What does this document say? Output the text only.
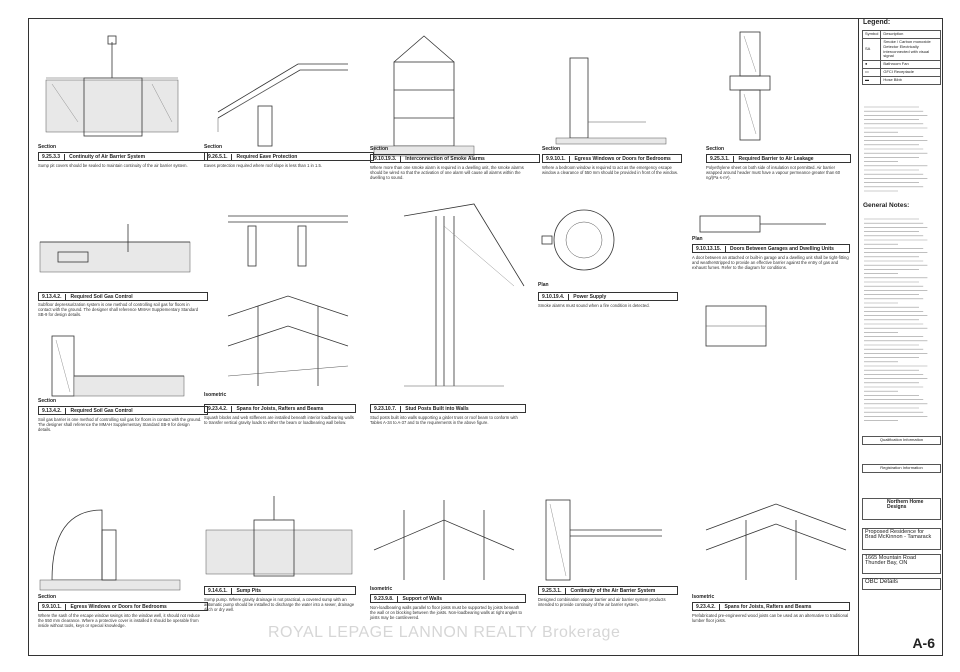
Section
9.25.3.3	Continuity of Air Barrier System
Sump pit covers should be sealed to maintain continuity of the air barrier system.
Section
9.26.5.1.	Required Eave Protection
Eaves protection required where roof slope is less than 1 in 1.5.
Section
9.10.19.3.	Interconnection of Smoke Alarms
Where more than one smoke alarm is required in a dwelling unit, the smoke alarms should be wired so that the activation of one alarm will cause all alarms within the dwelling to sound.
Section
9.9.10.1.	Egress Windows or Doors for Bedrooms
Where a bedroom window is required to act as the emergency escape window a clearance of 550 mm should be provided in front of the window.
Section
9.25.3.1.	Required Barrier to Air Leakage
Polyethylene sheet on both side of insulation not permitted. Air barrier wrapped around header must have a vapour permeance greater than 60 ng/(Pa·s·m²).
9.13.4.2.	Required Soil Gas Control
Subfloor depressurization system is one method of controlling soil gas for floors in contact with the ground. The designer shall reference MMAH Supplementary Standard SB-9 for design details.
Section
9.13.4.2.	Required Soil Gas Control
Soil gas barrier is one method of controlling soil gas for floors in contact with the ground. The designer shall reference the MMAH Supplementary Standard SB-9 for design details.
Isometric
9.23.4.2.	Spans for Joists, Rafters and Beams
Squash blocks and web stiffeners are installed beneath interior loadbearing walls to transfer vertical gravity loads to either the beam or loadbearing wall below.
9.23.10.7.	Stud Posts Built into Walls
Stud posts built into walls supporting a girder truss or roof beam to conform with Tables A-34 to A-37 and to the requirements in the above figure.
Plan
9.10.19.4.	Power Supply
Smoke alarms must sound when a fire condition is detected.
Plan
9.10.13.15.	Doors Between Garages and Dwelling Units
A door between an attached or built-in garage and a dwelling unit shall be tight-fitting and weatherstripped to provide an effective barrier against the entry of gas and exhaust fumes. Refer to the diagram for conditions.
Section
9.9.10.1.	Egress Windows or Doors for Bedrooms
Where the sash of the escape window swings into the window well, it should not reduce the 550 mm clearance. Where a protective cover is installed it should be operable from inside without tools, keys or special knowledge.
9.14.6.1.	Sump Pits
Sump pump. Where gravity drainage is not practical, a covered sump with an automatic pump should be installed to discharge the water into a sewer, drainage ditch or dry well.
Isometric
9.23.9.8.	Support of Walls
Non-loadbearing walls parallel to floor joists must be supported by joists beneath the wall or on blocking between the joists. Non-loadbearing walls at right angles to joists may be cantilevered.
9.25.3.1.	Continuity of the Air Barrier System
Designed combination vapour barrier and air barrier system products intended to provide continuity of the air barrier system.
Isometric
9.23.4.2.	Spans for Joists, Rafters and Beams
Prefabricated pre-engineered wood joists can be used as an alternative to traditional lumber floor joists.
Legend:
Symbol	Description
SA	Smoke / Carbon monoxide Detector Electrically interconnected with visual signal
●	Bathroom Fan
▭	GFCI Receptacle
▬	Hose Bibb
General Notes:
Qualification Information
Registration Information
Northern Home Designs
Proposed Residence for
Brad McKinnon - Tamarack
1665 Mountain Road
Thunder Bay, ON
OBC Details
A-6
ROYAL LEPAGE LANNON REALTY Brokerage
